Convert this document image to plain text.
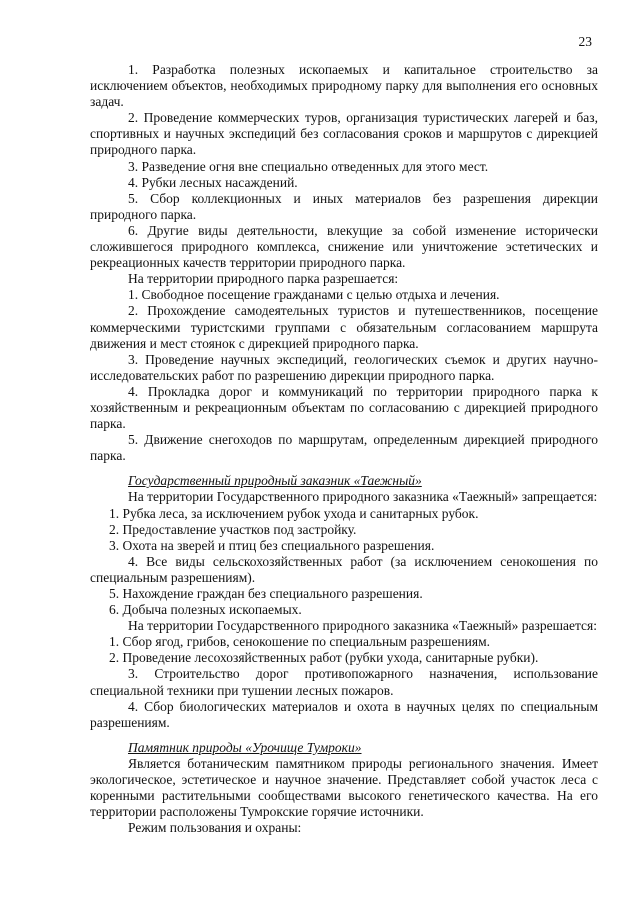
23

1. Разработка полезных ископаемых и капитальное строительство за исключением объектов, необходимых природному парку для выполнения его основных задач.

2. Проведение коммерческих туров, организация туристических лагерей и баз, спортивных и научных экспедиций без согласования сроков и маршрутов с дирекцией природного парка.

3. Разведение огня вне специально отведенных для этого мест.

4. Рубки лесных насаждений.

5. Сбор коллекционных и иных материалов без разрешения дирекции природного парка.

6. Другие виды деятельности, влекущие за собой изменение исторически сложившегося природного комплекса, снижение или уничтожение эстетических и рекреационных качеств территории природного парка.

На территории природного парка разрешается:

1. Свободное посещение гражданами с целью отдыха и лечения.

2. Прохождение самодеятельных туристов и путешественников, посещение коммерческими туристскими группами с обязательным согласованием маршрута движения и мест стоянок с дирекцией природного парка.

3. Проведение научных экспедиций, геологических съемок и других научно-исследовательских работ по разрешению дирекции природного парка.

4. Прокладка дорог и коммуникаций по территории природного парка к хозяйственным и рекреационным объектам по согласованию с дирекцией природного парка.

5. Движение снегоходов по маршрутам, определенным дирекцией природного парка.

Государственный природный заказник «Таежный»

На территории Государственного природного заказника «Таежный» запрещается:

1. Рубка леса, за исключением рубок ухода и санитарных рубок.

2. Предоставление участков под застройку.

3. Охота на зверей и птиц без специального разрешения.

4. Все виды сельскохозяйственных работ (за исключением сенокошения по специальным разрешениям).

5. Нахождение граждан без специального разрешения.

6. Добыча полезных ископаемых.

На территории Государственного природного заказника «Таежный» разрешается:

1. Сбор ягод, грибов, сенокошение по специальным разрешениям.

2. Проведение лесохозяйственных работ (рубки ухода, санитарные рубки).

3. Строительство дорог противопожарного назначения, использование специальной техники при тушении лесных пожаров.

4. Сбор биологических материалов и охота в научных целях по специальным разрешениям.

Памятник природы «Урочище Тумроки»

Является ботаническим памятником природы регионального значения. Имеет экологическое, эстетическое и научное значение. Представляет собой участок леса с коренными растительными сообществами высокого генетического качества. На его территории расположены Тумрокские горячие источники.

Режим пользования и охраны:
